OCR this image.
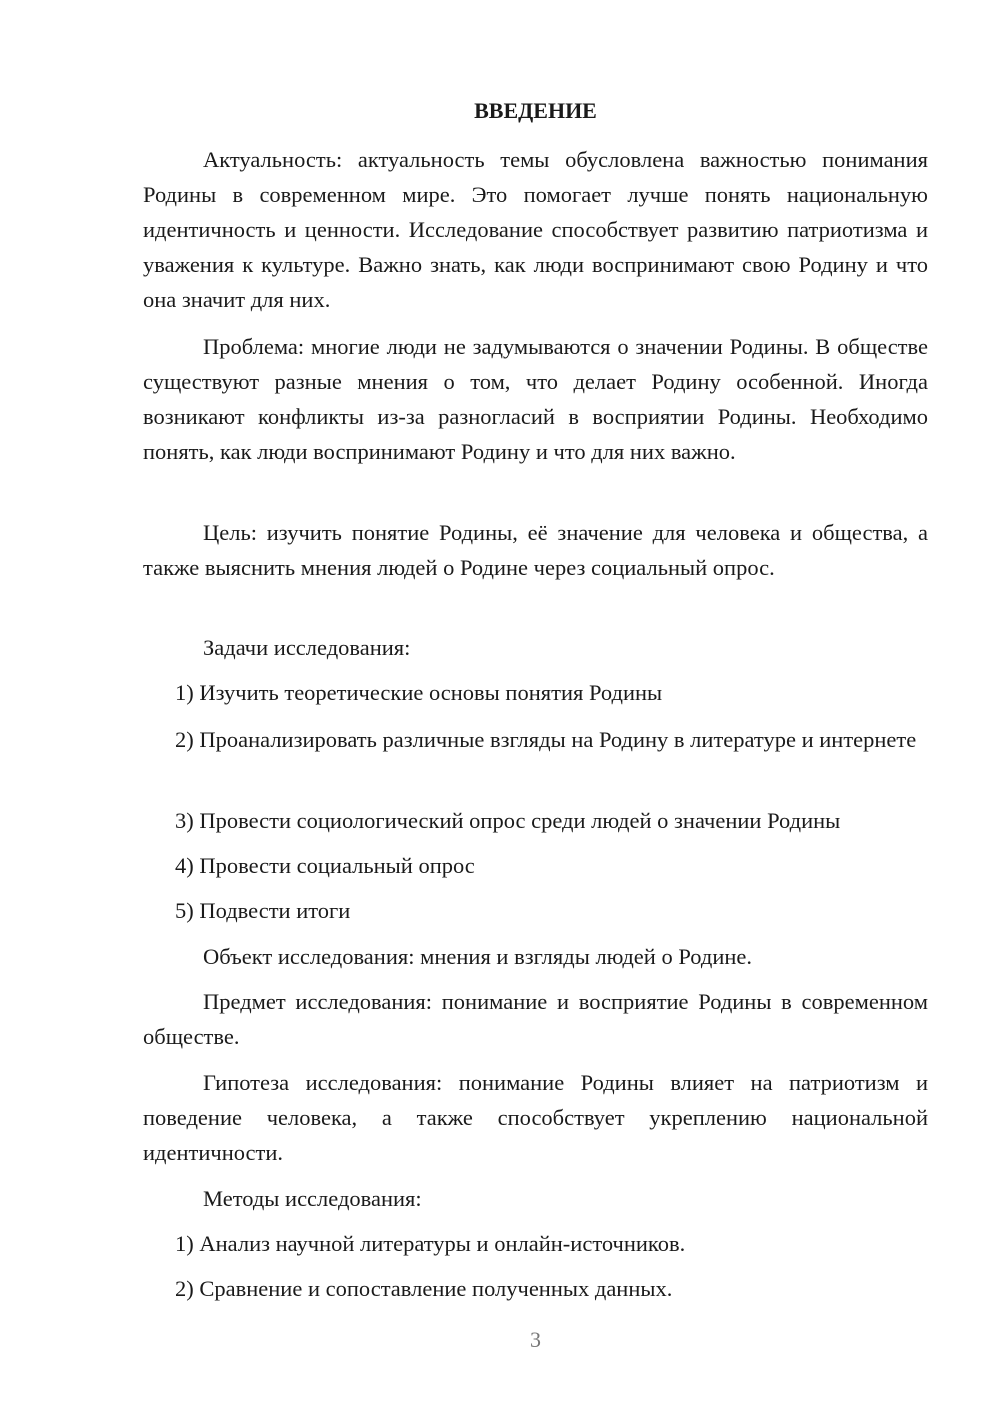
ВВЕДЕНИЕ

Актуальность: актуальность темы обусловлена важностью понимания Родины в современном мире. Это помогает лучше понять национальную идентичность и ценности. Исследование способствует развитию патриотизма и уважения к культуре. Важно знать, как люди воспринимают свою Родину и что она значит для них.

Проблема: многие люди не задумываются о значении Родины. В обществе существуют разные мнения о том, что делает Родину особенной. Иногда возникают конфликты из-за разногласий в восприятии Родины. Необходимо понять, как люди воспринимают Родину и что для них важно.

Цель: изучить понятие Родины, её значение для человека и общества, а также выяснить мнения людей о Родине через социальный опрос.

Задачи исследования:

1) Изучить теоретические основы понятия Родины

2) Проанализировать различные взгляды на Родину в литературе и интернете

3) Провести социологический опрос среди людей о значении Родины

4) Провести социальный опрос

5) Подвести итоги

Объект исследования: мнения и взгляды людей о Родине.

Предмет исследования: понимание и восприятие Родины в современном обществе.

Гипотеза исследования: понимание Родины влияет на патриотизм и поведение человека, а также способствует укреплению национальной идентичности.

Методы исследования:

1) Анализ научной литературы и онлайн-источников.

2) Сравнение и сопоставление полученных данных.

3
